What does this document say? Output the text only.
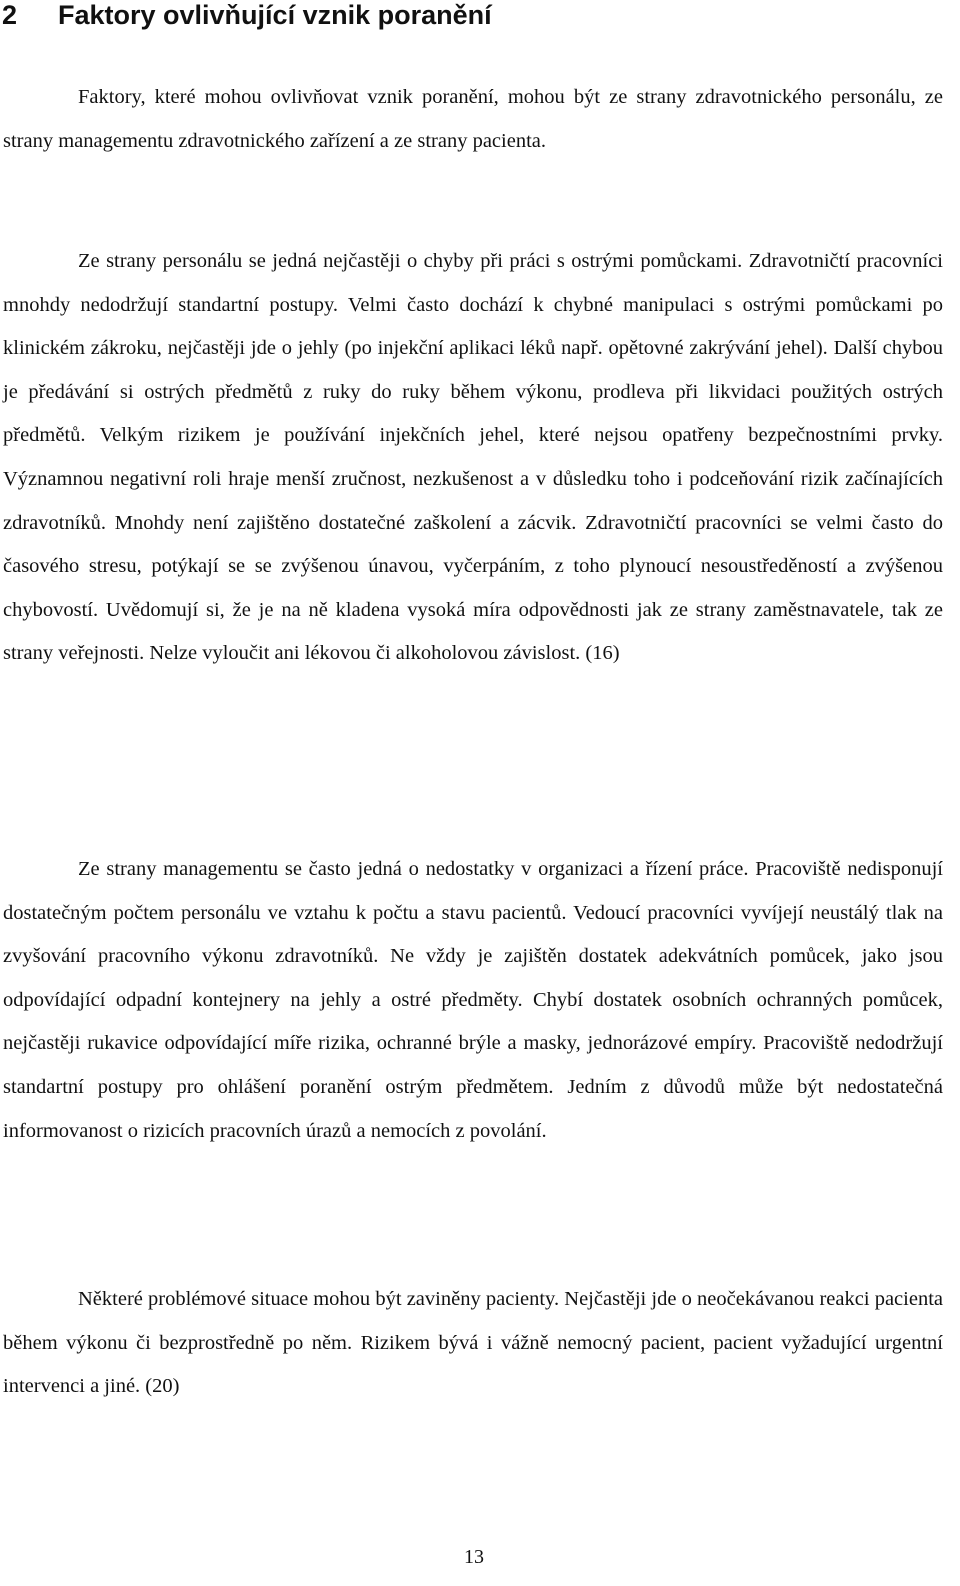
2 Faktory ovlivňující vznik poranění

Faktory, které mohou ovlivňovat vznik poranění, mohou být ze strany zdravotnického personálu, ze strany managementu zdravotnického zařízení a ze strany pacienta.

Ze strany personálu se jedná nejčastěji o chyby při práci s ostrými pomůckami. Zdravotničtí pracovníci mnohdy nedodržují standartní postupy. Velmi často dochází k chybné manipulaci s ostrými pomůckami po klinickém zákroku, nejčastěji jde o jehly (po injekční aplikaci léků např. opětovné zakrývání jehel). Další chybou je předávání si ostrých předmětů z ruky do ruky během výkonu, prodleva při likvidaci použitých ostrých předmětů. Velkým rizikem je používání injekčních jehel, které nejsou opatřeny bezpečnostními prvky. Významnou negativní roli hraje menší zručnost, nezkušenost a v důsledku toho i podceňování rizik začínajících zdravotníků. Mnohdy není zajištěno dostatečné zaškolení a zácvik. Zdravotničtí pracovníci se velmi často do časového stresu, potýkají se se zvýšenou únavou, vyčerpáním, z toho plynoucí nesoustředěností a zvýšenou chybovostí. Uvědomují si, že je na ně kladena vysoká míra odpovědnosti jak ze strany zaměstnavatele, tak ze strany veřejnosti. Nelze vyloučit ani lékovou či alkoholovou závislost. (16)

Ze strany managementu se často jedná o nedostatky v organizaci a řízení práce. Pracoviště nedisponují dostatečným počtem personálu ve vztahu k počtu a stavu pacientů. Vedoucí pracovníci vyvíjejí neustálý tlak na zvyšování pracovního výkonu zdravotníků. Ne vždy je zajištěn dostatek adekvátních pomůcek, jako jsou odpovídající odpadní kontejnery na jehly a ostré předměty. Chybí dostatek osobních ochranných pomůcek, nejčastěji rukavice odpovídající míře rizika, ochranné brýle a masky, jednorázové empíry. Pracoviště nedodržují standartní postupy pro ohlášení poranění ostrým předmětem. Jedním z důvodů může být nedostatečná informovanost o rizicích pracovních úrazů a nemocích z povolání.

Některé problémové situace mohou být zaviněny pacienty. Nejčastěji jde o neočekávanou reakci pacienta během výkonu či bezprostředně po něm. Rizikem bývá i vážně nemocný pacient, pacient vyžadující urgentní intervenci a jiné. (20)

13
